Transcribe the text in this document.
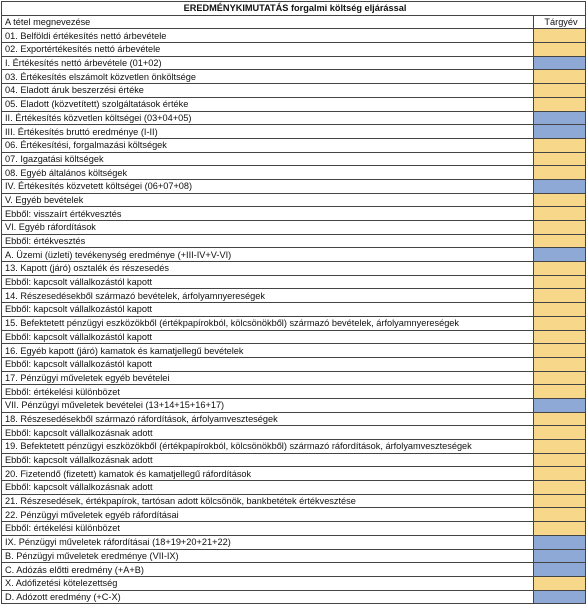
EREDMÉNYKIMUTATÁS forgalmi költség eljárással	
A tétel megnevezése	Tárgyév
01. Belföldi értékesítés nettó árbevétele	
02. Exportértékesítés nettó árbevétele	
I. Értékesítés nettó árbevétele (01+02)	
03. Értékesítés elszámolt közvetlen önköltsége	
04. Eladott áruk beszerzési értéke	
05. Eladott (közvetített) szolgáltatások értéke	
II. Értékesítés közvetlen költségei (03+04+05)	
III. Értékesítés bruttó eredménye (I-II)	
06. Értékesítési, forgalmazási költségek	
07. Igazgatási költségek	
08. Egyéb általános költségek	
IV. Értékesítés közvetett költségei (06+07+08)	
V. Egyéb bevételek	
Ebből: visszaírt értékvesztés	
VI. Egyéb ráfordítások	
Ebből: értékvesztés	
A. Üzemi (üzleti) tevékenység eredménye (+III-IV+V-VI)	
13. Kapott (járó) osztalék és részesedés	
Ebből: kapcsolt vállalkozástól kapott	
14. Részesedésekből származó bevételek, árfolyamnyereségek	
Ebből: kapcsolt vállalkozástól kapott	
15. Befektetett pénzügyi eszközökből (értékpapírokból, kölcsönökből) származó bevételek, árfolyamnyereségek	
Ebből: kapcsolt vállalkozástól kapott	
16. Egyéb kapott (járó) kamatok és kamatjellegű bevételek	
Ebből: kapcsolt vállalkozástól kapott	
17. Pénzügyi műveletek egyéb bevételei	
Ebből: értékelési különbözet	
VII. Pénzügyi műveletek bevételei (13+14+15+16+17)	
18. Részesedésekből származó ráfordítások, árfolyamveszteségek	
Ebből: kapcsolt vállalkozásnak adott	
19. Befektetett pénzügyi eszközökből (értékpapírokból, kölcsönökből) származó ráfordítások, árfolyamveszteségek	
Ebből: kapcsolt vállalkozásnak adott	
20. Fizetendő (fizetett) kamatok és kamatjellegű ráfordítások	
Ebből: kapcsolt vállalkozásnak adott	
21. Részesedések, értékpapírok, tartósan adott kölcsönök, bankbetétek értékvesztése	
22. Pénzügyi műveletek egyéb ráfordításai	
Ebből: értékelési különbözet	
IX. Pénzügyi műveletek ráfordításai (18+19+20+21+22)	
B. Pénzügyi műveletek eredménye (VII-IX)	
C. Adózás előtti eredmény (+A+B)	
X. Adófizetési kötelezettség	
D. Adózott eredmény (+C-X)	
